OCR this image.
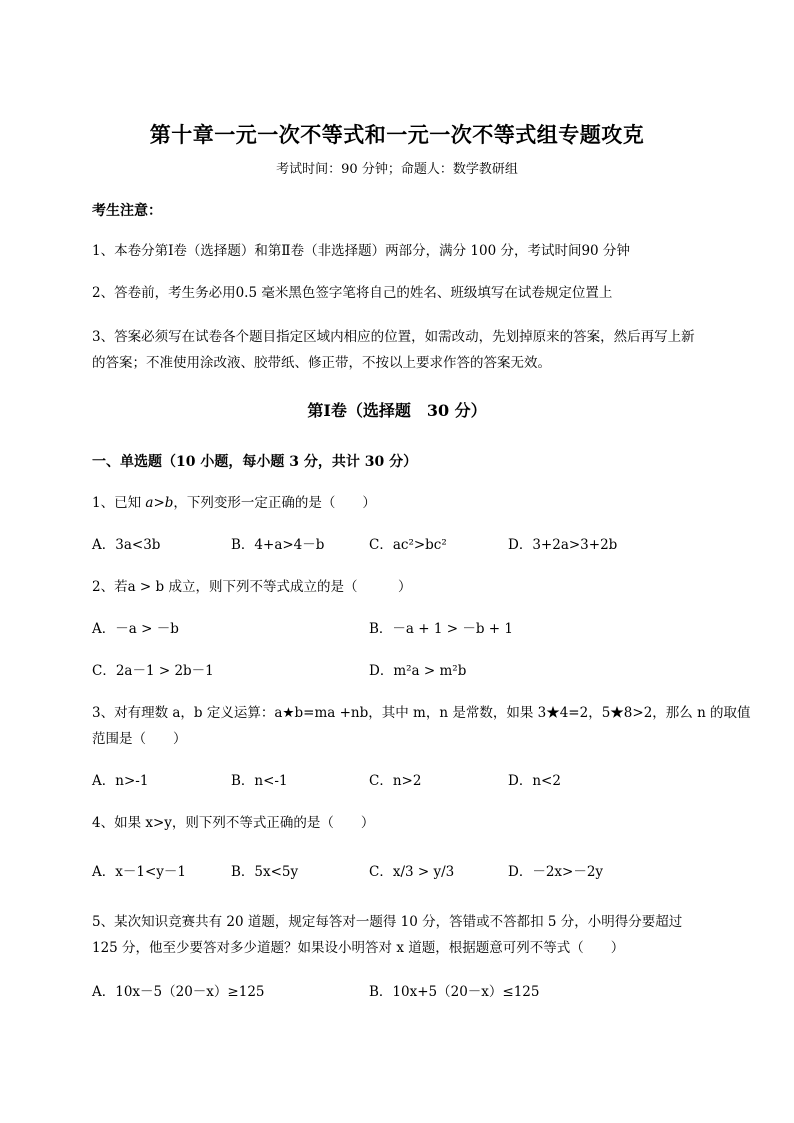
第十章一元一次不等式和一元一次不等式组专题攻克
考试时间：90 分钟；命题人：数学教研组
考生注意：
1、本卷分第Ⅰ卷（选择题）和第Ⅱ卷（非选择题）两部分，满分 100 分，考试时间90 分钟
2、答卷前，考生务必用0.5 毫米黑色签字笔将自己的姓名、班级填写在试卷规定位置上
3、答案必须写在试卷各个题目指定区域内相应的位置，如需改动，先划掉原来的答案，然后再写上新的答案；不准使用涂改液、胶带纸、修正带，不按以上要求作答的答案无效。
第Ⅰ卷（选择题　30 分）
一、单选题（10 小题，每小题 3 分，共计 30 分）
1、已知 a>b，下列变形一定正确的是（　　）
A．3a<3b	B．4+a>4－b	C．ac²>bc²	D．3+2a>3+2b
2、若a > b 成立，则下列不等式成立的是（　　　）
A．－a > －b	B．－a + 1 > －b + 1
C．2a－1 > 2b－1	D．m²a > m²b
3、对有理数 a，b 定义运算：a★b=ma +nb，其中 m，n 是常数，如果 3★4=2，5★8>2，那么 n 的取值
范围是（　　）
A．n>-1	B．n<-1	C．n>2	D．n<2
4、如果 x>y，则下列不等式正确的是（　　）
A．x－1<y－1	B．5x<5y	C．x/3 > y/3	D．－2x>－2y
5、某次知识竞赛共有 20 道题，规定每答对一题得 10 分，答错或不答都扣 5 分，小明得分要超过
125 分，他至少要答对多少道题？如果设小明答对 x 道题，根据题意可列不等式（　　）
A．10x－5（20－x）≥125	B．10x+5（20－x）≤125
